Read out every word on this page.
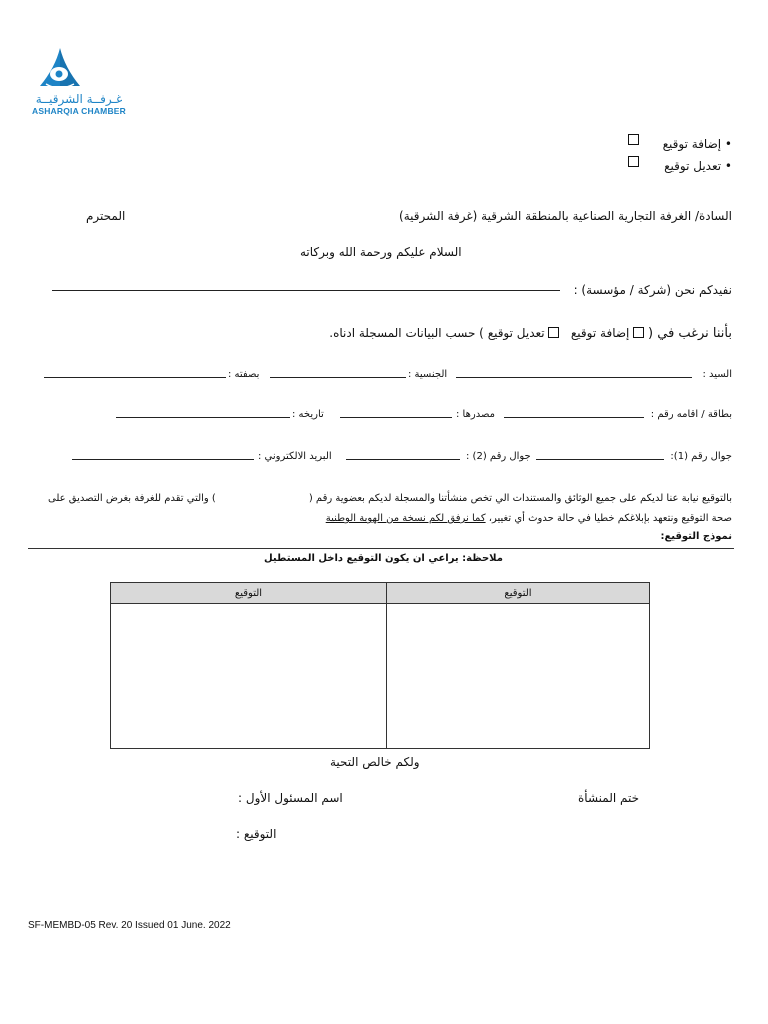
غـرفــة الشرقيــة
ASHARQIA CHAMBER
• إضافة توقيع
• تعديل توقيع
السادة/ الغرفة التجارية الصناعية بالمنطقة الشرقية (غرفة الشرقية)
المحترم
السلام عليكم ورحمة الله وبركاته
نفيدكم نحن (شركة / مؤسسة) :
بأننا نرغب في (  إضافة توقيع    تعديل توقيع ) حسب البيانات المسجلة ادناه.
السيد :
الجنسية :
بصفته :
بطاقة / اقامه رقم :
مصدرها :
تاريخه :
جوال رقم (1):
جوال رقم (2) :
البريد الالكتروني :
بالتوقيع نيابة عنا لديكم على جميع الوثائق والمستندات الي تخص منشأتنا والمسجلة لديكم بعضوية رقم (
) والتي تقدم للغرفة بغرض التصديق على
صحة التوقيع ونتعهد بإبلاغكم خطيا في حالة حدوث أي تغيير، كما نرفق لكم نسخة من الهوية الوطنية
نموذج التوقيع:
ملاحظة: يراعي ان يكون التوقيع داخل المستطيل
التوقيع	التوقيع
ولكم خالص التحية
ختم المنشأة
اسم المسئول الأول :
التوقيع :
SF-MEMBD-05 Rev. 20 Issued 01 June. 2022
